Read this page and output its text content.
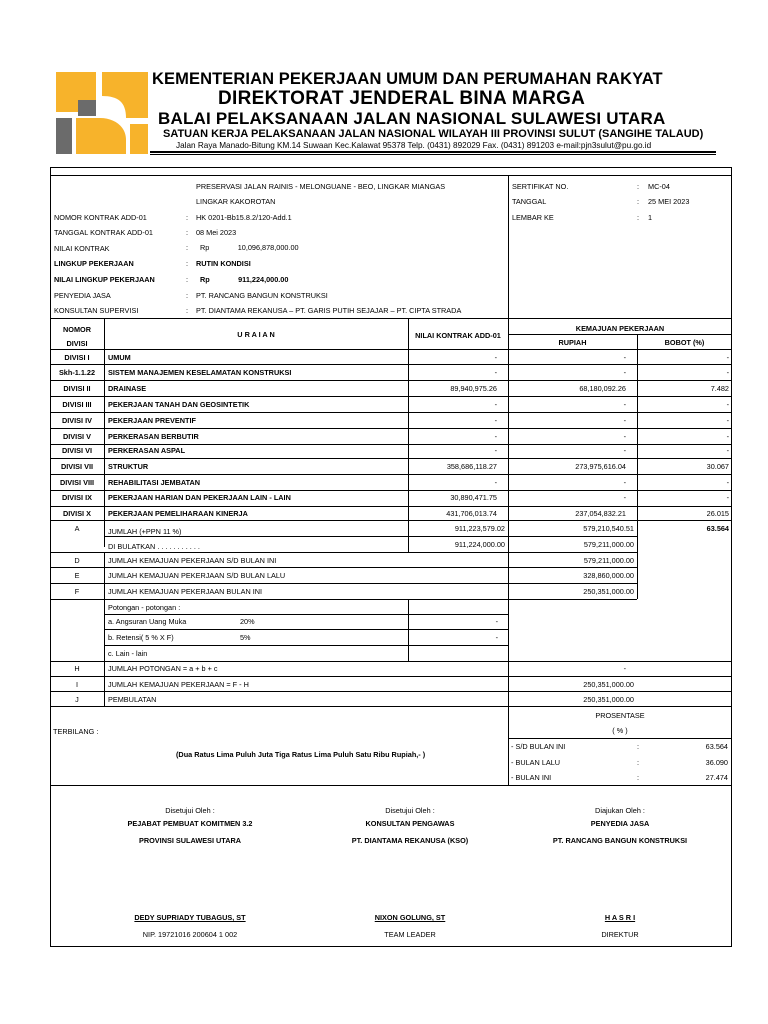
KEMENTERIAN PEKERJAAN UMUM DAN PERUMAHAN RAKYAT
DIREKTORAT JENDERAL BINA MARGA
BALAI PELAKSANAAN JALAN NASIONAL SULAWESI UTARA
SATUAN KERJA PELAKSANAAN JALAN NASIONAL WILAYAH III PROVINSI SULUT (SANGIHE TALAUD)
Jalan Raya Manado-Bitung KM.14 Suwaan Kec.Kalawat 95378 Telp. (0431) 892029 Fax. (0431) 891203 e-mail:pjn3sulut@pu.go.id
PRESERVASI JALAN RAINIS - MELONGUANE - BEO, LINGKAR MIANGAS
LINGKAR KAKOROTAN
NOMOR KONTRAK ADD-01	: HK 0201-Bb15.8.2/120-Add.1
TANGGAL KONTRAK ADD-01	: 08 Mei 2023
NILAI KONTRAK	: Rp              10,096,878,000.00
LINGKUP PEKERJAAN	: RUTIN KONDISI
NILAI LINGKUP PEKERJAAN	: Rp              911,224,000.00
PENYEDIA JASA	: PT. RANCANG BANGUN KONSTRUKSI
KONSULTAN SUPERVISI	: PT. DIANTAMA REKANUSA – PT. GARIS PUTIH SEJAJAR – PT. CIPTA STRADA
SERTIFIKAT NO.	: MC-04
TANGGAL	: 25 MEI 2023
LEMBAR KE	: 1
NOMOR
DIVISI
U R A I A N	NILAI KONTRAK ADD-01
KEMAJUAN PEKERJAAN
RUPIAH	BOBOT (%)
DIVISI I	UMUM	-	-	-
Skh-1.1.22	SISTEM MANAJEMEN KESELAMATAN KONSTRUKSI	-	-	-
DIVISI II	DRAINASE	89,940,975.26	68,180,092.26	7.482
DIVISI III	PEKERJAAN TANAH DAN GEOSINTETIK	-	-	-
DIVISI IV	PEKERJAAN PREVENTIF	-	-	-
DIVISI V	PERKERASAN BERBUTIR	-	-	-
DIVISI VI	PERKERASAN ASPAL	-	-	-
DIVISI VII	STRUKTUR	358,686,118.27	273,975,616.04	30.067
DIVISI VIII	REHABILITASI JEMBATAN	-	-	-
DIVISI IX	PEKERJAAN HARIAN DAN PEKERJAAN LAIN - LAIN	30,890,471.75	-	-
DIVISI X	PEKERJAAN PEMELIHARAAN KINERJA	431,706,013.74	237,054,832.21	26.015
A	JUMLAH (+PPN 11 %)	911,223,579.02	579,210,540.51	63.564
DI BULATKAN . . . . . . . . . . .	911,224,000.00	579,211,000.00
D	JUMLAH KEMAJUAN PEKERJAAN S/D BULAN INI	579,211,000.00
E	JUMLAH KEMAJUAN PEKERJAAN S/D BULAN LALU	328,860,000.00
F	JUMLAH KEMAJUAN PEKERJAAN BULAN INI	250,351,000.00
Potongan - potongan :
a. Angsuran Uang Muka	20%	-
b. Retensi( 5 % X F)	5%	-
c. Lain - lain
H	JUMLAH POTONGAN = a + b + c	-
I	JUMLAH KEMAJUAN PEKERJAAN = F - H	250,351,000.00
J	PEMBULATAN	250,351,000.00
TERBILANG :
(Dua Ratus Lima Puluh Juta Tiga Ratus Lima Puluh Satu Ribu Rupiah,- )
PROSENTASE
( % )
- S/D BULAN INI	:	63.564
- BULAN LALU	:	36.090
- BULAN INI	:	27.474
Disetujui Oleh :
PEJABAT PEMBUAT KOMITMEN 3.2
PROVINSI SULAWESI UTARA
DEDY SUPRIADY TUBAGUS, ST
NIP. 19721016 200604 1 002
Disetujui Oleh :
KONSULTAN PENGAWAS
PT. DIANTAMA REKANUSA (KSO)
NIXON GOLUNG, ST
TEAM LEADER
Diajukan Oleh :
PENYEDIA JASA
PT. RANCANG BANGUN KONSTRUKSI
H A S R I
DIREKTUR
